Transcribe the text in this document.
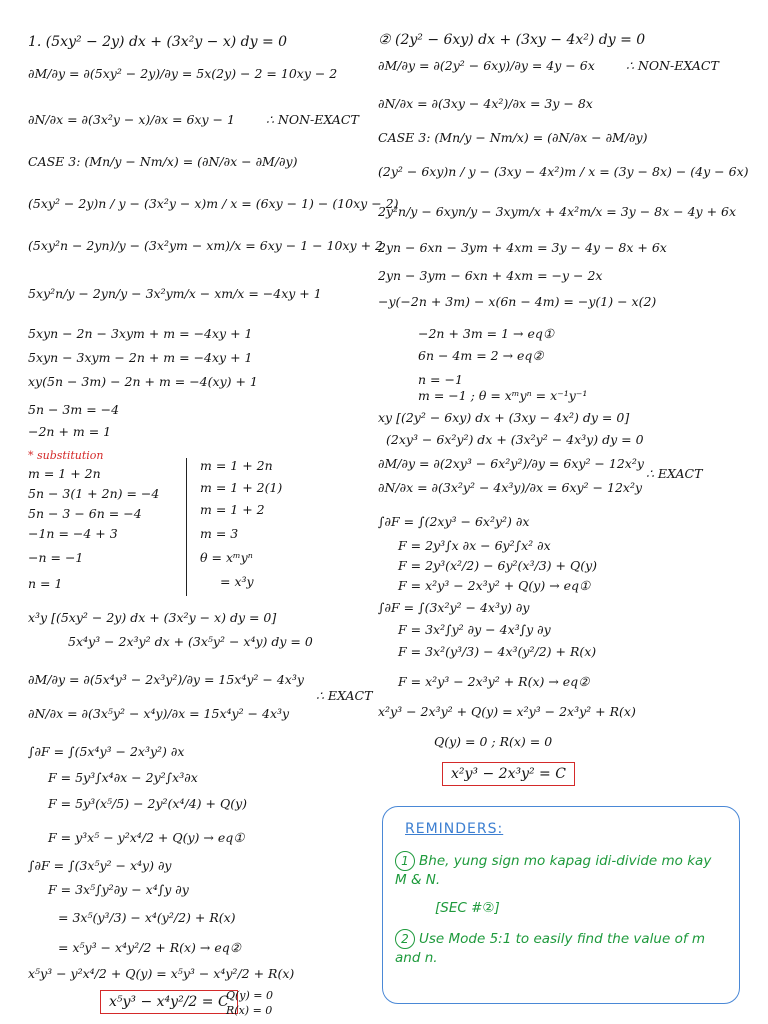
1. (5xy² − 2y) dx + (3x²y − x) dy = 0
∂M/∂y = ∂(5xy² − 2y)/∂y = 5x(2y) − 2 = 10xy − 2
∂N/∂x = ∂(3x²y − x)/∂x = 6xy − 1 ∴ NON-EXACT
CASE 3: (Mn/y − Nm/x) = (∂N/∂x − ∂M/∂y)
(5xy² − 2y)n / y − (3x²y − x)m / x = (6xy − 1) − (10xy − 2)
(5xy²n − 2yn)/y − (3x²ym − xm)/x = 6xy − 1 − 10xy + 2
5xy²n/y − 2yn/y − 3x²ym/x − xm/x = −4xy + 1
5xyn − 2n − 3xym + m = −4xy + 1
5xyn − 3xym − 2n + m = −4xy + 1
xy(5n − 3m) − 2n + m = −4(xy) + 1
5n − 3m = −4
−2n + m = 1
* substitution
m = 1 + 2n
5n − 3(1 + 2n) = −4
5n − 3 − 6n = −4
−1n = −4 + 3
−n = −1
n = 1
m = 1 + 2n
m = 1 + 2(1)
m = 1 + 2
m = 3
θ = xᵐyⁿ
= x³y
x³y [(5xy² − 2y) dx + (3x²y − x) dy = 0]
5x⁴y³ − 2x³y² dx + (3x⁵y² − x⁴y) dy = 0
∂M/∂y = ∂(5x⁴y³ − 2x³y²)/∂y = 15x⁴y² − 4x³y
∴ EXACT
∂N/∂x = ∂(3x⁵y² − x⁴y)/∂x = 15x⁴y² − 4x³y
∫∂F = ∫(5x⁴y³ − 2x³y²) ∂x
F = 5y³∫x⁴∂x − 2y²∫x³∂x
F = 5y³(x⁵/5) − 2y²(x⁴/4) + Q(y)
F = y³x⁵ − y²x⁴/2 + Q(y) → eq①
∫∂F = ∫(3x⁵y² − x⁴y) ∂y
F = 3x⁵∫y²∂y − x⁴∫y ∂y
= 3x⁵(y³/3) − x⁴(y²/2) + R(x)
= x⁵y³ − x⁴y²/2 + R(x) → eq②
x⁵y³ − y²x⁴/2 + Q(y) = x⁵y³ − x⁴y²/2 + R(x)
x⁵y³ − x⁴y²/2 = C
Q(y) = 0
R(x) = 0
② (2y² − 6xy) dx + (3xy − 4x²) dy = 0
∂M/∂y = ∂(2y² − 6xy)/∂y = 4y − 6x	∴ NON-EXACT
∂N/∂x = ∂(3xy − 4x²)/∂x = 3y − 8x
CASE 3: (Mn/y − Nm/x) = (∂N/∂x − ∂M/∂y)
(2y² − 6xy)n / y − (3xy − 4x²)m / x = (3y − 8x) − (4y − 6x)
2y²n/y − 6xyn/y − 3xym/x + 4x²m/x = 3y − 8x − 4y + 6x
2yn − 6xn − 3ym + 4xm = 3y − 4y − 8x + 6x
2yn − 3ym − 6xn + 4xm = −y − 2x
−y(−2n + 3m) − x(6n − 4m) = −y(1) − x(2)
−2n + 3m = 1 → eq①
6n − 4m = 2 → eq②
n = −1
m = −1 ; θ = xᵐyⁿ = x⁻¹y⁻¹
xy [(2y² − 6xy) dx + (3xy − 4x²) dy = 0]
(2xy³ − 6x²y²) dx + (3x²y² − 4x³y) dy = 0
∂M/∂y = ∂(2xy³ − 6x²y²)/∂y = 6xy² − 12x²y
∴ EXACT
∂N/∂x = ∂(3x²y² − 4x³y)/∂x = 6xy² − 12x²y
∫∂F = ∫(2xy³ − 6x²y²) ∂x
F = 2y³∫x ∂x − 6y²∫x² ∂x
F = 2y³(x²/2) − 6y²(x³/3) + Q(y)
F = x²y³ − 2x³y² + Q(y) → eq①
∫∂F = ∫(3x²y² − 4x³y) ∂y
F = 3x²∫y² ∂y − 4x³∫y ∂y
F = 3x²(y³/3) − 4x³(y²/2) + R(x)
F = x²y³ − 2x³y² + R(x) → eq②
x²y³ − 2x³y² + Q(y) = x²y³ − 2x³y² + R(x)
Q(y) = 0 ; R(x) = 0
x²y³ − 2x³y² = C
REMINDERS:
1 Bhe, yung sign mo kapag idi-divide mo kay M & N.
[SEC #②]
2 Use Mode 5:1 to easily find the value of m and n.
